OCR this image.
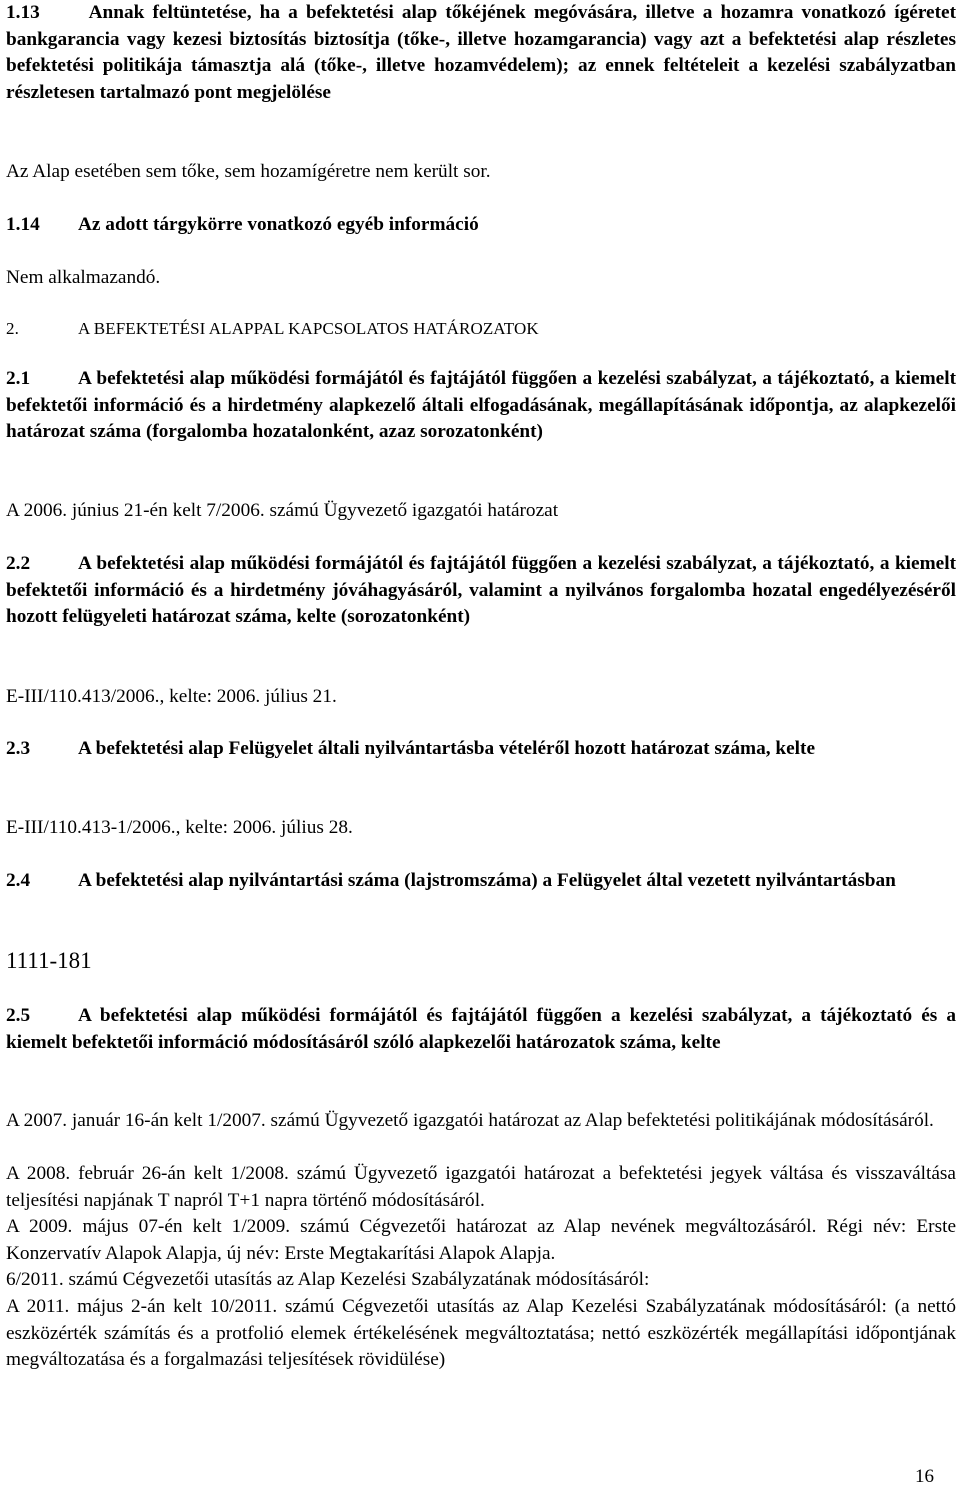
1.13	Annak feltüntetése, ha a befektetési alap tőkéjének megóvására, illetve a hozamra vonatkozó ígéretet bankgarancia vagy kezesi biztosítás biztosítja (tőke-, illetve hozamgarancia) vagy azt a befektetési alap részletes befektetési politikája támasztja alá (tőke-, illetve hozamvédelem); az ennek feltételeit a kezelési szabályzatban részletesen tartalmazó pont megjelölése

Az Alap esetében sem tőke, sem hozamígéretre nem került sor.

1.14 Az adott tárgykörre vonatkozó egyéb információ

Nem alkalmazandó.

2.	A BEFEKTETÉSI ALAPPAL KAPCSOLATOS HATÁROZATOK

2.1 A befektetési alap működési formájától és fajtájától függően a kezelési szabályzat, a tájékoztató, a kiemelt befektetői információ és a hirdetmény alapkezelő általi elfogadásának, megállapításának időpontja, az alapkezelői határozat száma (forgalomba hozatalonként, azaz sorozatonként)

A 2006. június 21-én kelt 7/2006. számú Ügyvezető igazgatói határozat

2.2 A befektetési alap működési formájától és fajtájától függően a kezelési szabályzat, a tájékoztató, a kiemelt befektetői információ és a hirdetmény jóváhagyásáról, valamint a nyilvános forgalomba hozatal engedélyezéséről hozott felügyeleti határozat száma, kelte (sorozatonként)

E-III/110.413/2006., kelte: 2006. július 21.

2.3 A befektetési alap Felügyelet általi nyilvántartásba vételéről hozott határozat száma, kelte

E-III/110.413-1/2006., kelte: 2006. július 28.

2.4 A befektetési alap nyilvántartási száma (lajstromszáma) a Felügyelet által vezetett nyilvántartásban

1111-181

2.5 A befektetési alap működési formájától és fajtájától függően a kezelési szabályzat, a tájékoztató és a kiemelt befektetői információ módosításáról szóló alapkezelői határozatok száma, kelte

A 2007. január 16-án kelt 1/2007. számú Ügyvezető igazgatói határozat az Alap befektetési politikájának módosításáról.

A 2008. február 26-án kelt 1/2008. számú Ügyvezető igazgatói határozat a befektetési jegyek váltása és visszaváltása teljesítési napjának T napról T+1 napra történő módosításáról.

A 2009. május 07-én kelt 1/2009. számú Cégvezetői határozat az Alap nevének megváltozásáról. Régi név: Erste Konzervatív Alapok Alapja, új név: Erste Megtakarítási Alapok Alapja.

6/2011. számú Cégvezetői utasítás az Alap Kezelési Szabályzatának módosításáról:

A 2011. május 2-án kelt 10/2011. számú Cégvezetői utasítás az Alap Kezelési Szabályzatának módosításáról: (a nettó eszközérték számítás és a protfolió elemek értékelésének megváltoztatása; nettó eszközérték megállapítási időpontjának megváltozatása és a forgalmazási teljesítések rövidülése)

16
